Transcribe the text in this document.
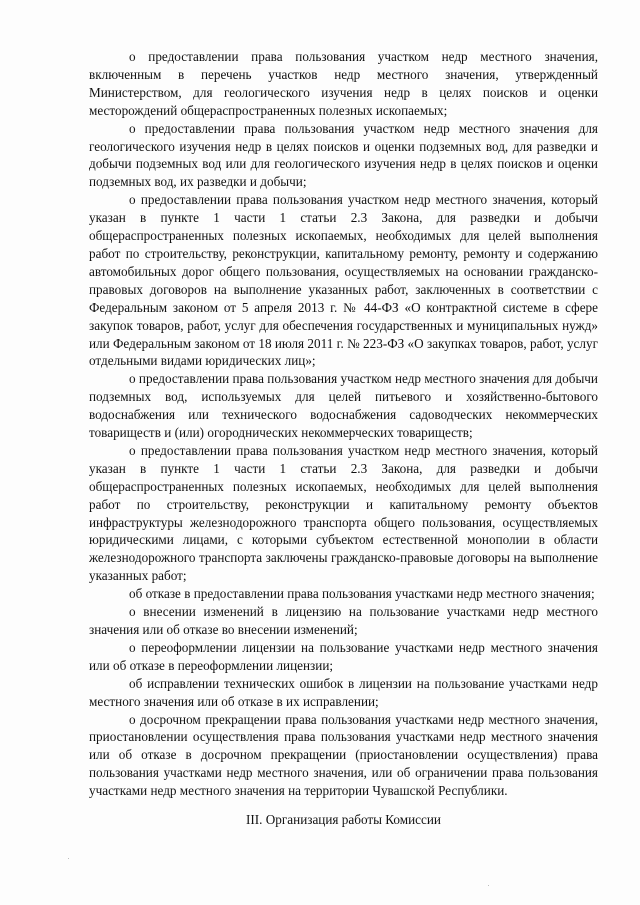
о предоставлении права пользования участком недр местного значения, включенным в перечень участков недр местного значения, утвержденный Министерством, для геологического изучения недр в целях поисков и оценки месторождений общераспространенных полезных ископаемых;

о предоставлении права пользования участком недр местного значения для геологического изучения недр в целях поисков и оценки подземных вод, для разведки и добычи подземных вод или для геологического изучения недр в целях поисков и оценки подземных вод, их разведки и добычи;

о предоставлении права пользования участком недр местного значения, который указан в пункте 1 части 1 статьи 2.3 Закона, для разведки и добычи общераспространенных полезных ископаемых, необходимых для целей выполнения работ по строительству, реконструкции, капитальному ремонту, ремонту и содержанию автомобильных дорог общего пользования, осуществляемых на основании гражданско-правовых договоров на выполнение указанных работ, заключенных в соответствии с Федеральным законом от 5 апреля 2013 г. № 44-ФЗ «О контрактной системе в сфере закупок товаров, работ, услуг для обеспечения государственных и муниципальных нужд» или Федеральным законом от 18 июля 2011 г. № 223-ФЗ «О закупках товаров, работ, услуг отдельными видами юридических лиц»;

о предоставлении права пользования участком недр местного значения для добычи подземных вод, используемых для целей питьевого и хозяйственно-бытового водоснабжения или технического водоснабжения садоводческих некоммерческих товариществ и (или) огороднических некоммерческих товариществ;

о предоставлении права пользования участком недр местного значения, который указан в пункте 1 части 1 статьи 2.3 Закона, для разведки и добычи общераспространенных полезных ископаемых, необходимых для целей выполнения работ по строительству, реконструкции и капитальному ремонту объектов инфраструктуры железнодорожного транспорта общего пользования, осуществляемых юридическими лицами, с которыми субъектом естественной монополии в области железнодорожного транспорта заключены гражданско-правовые договоры на выполнение указанных работ;

об отказе в предоставлении права пользования участками недр местного значения;

о внесении изменений в лицензию на пользование участками недр местного значения или об отказе во внесении изменений;

о переоформлении лицензии на пользование участками недр местного значения или об отказе в переоформлении лицензии;

об исправлении технических ошибок в лицензии на пользование участками недр местного значения или об отказе в их исправлении;

о досрочном прекращении права пользования участками недр местного значения, приостановлении осуществления права пользования участками недр местного значения или об отказе в досрочном прекращении (приостановлении осуществления) права пользования участками недр местного значения, или об ограничении права пользования участками недр местного значения на территории Чувашской Республики.

III. Организация работы Комиссии
